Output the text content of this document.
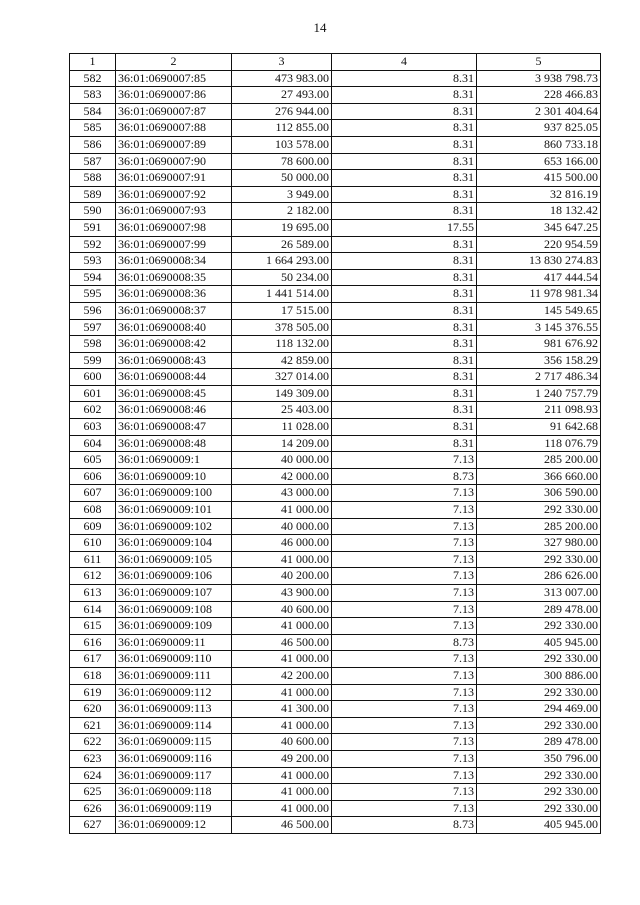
14
1	2	3	4	5
582	36:01:0690007:85	473 983.00	8.31	3 938 798.73
583	36:01:0690007:86	27 493.00	8.31	228 466.83
584	36:01:0690007:87	276 944.00	8.31	2 301 404.64
585	36:01:0690007:88	112 855.00	8.31	937 825.05
586	36:01:0690007:89	103 578.00	8.31	860 733.18
587	36:01:0690007:90	78 600.00	8.31	653 166.00
588	36:01:0690007:91	50 000.00	8.31	415 500.00
589	36:01:0690007:92	3 949.00	8.31	32 816.19
590	36:01:0690007:93	2 182.00	8.31	18 132.42
591	36:01:0690007:98	19 695.00	17.55	345 647.25
592	36:01:0690007:99	26 589.00	8.31	220 954.59
593	36:01:0690008:34	1 664 293.00	8.31	13 830 274.83
594	36:01:0690008:35	50 234.00	8.31	417 444.54
595	36:01:0690008:36	1 441 514.00	8.31	11 978 981.34
596	36:01:0690008:37	17 515.00	8.31	145 549.65
597	36:01:0690008:40	378 505.00	8.31	3 145 376.55
598	36:01:0690008:42	118 132.00	8.31	981 676.92
599	36:01:0690008:43	42 859.00	8.31	356 158.29
600	36:01:0690008:44	327 014.00	8.31	2 717 486.34
601	36:01:0690008:45	149 309.00	8.31	1 240 757.79
602	36:01:0690008:46	25 403.00	8.31	211 098.93
603	36:01:0690008:47	11 028.00	8.31	91 642.68
604	36:01:0690008:48	14 209.00	8.31	118 076.79
605	36:01:0690009:1	40 000.00	7.13	285 200.00
606	36:01:0690009:10	42 000.00	8.73	366 660.00
607	36:01:0690009:100	43 000.00	7.13	306 590.00
608	36:01:0690009:101	41 000.00	7.13	292 330.00
609	36:01:0690009:102	40 000.00	7.13	285 200.00
610	36:01:0690009:104	46 000.00	7.13	327 980.00
611	36:01:0690009:105	41 000.00	7.13	292 330.00
612	36:01:0690009:106	40 200.00	7.13	286 626.00
613	36:01:0690009:107	43 900.00	7.13	313 007.00
614	36:01:0690009:108	40 600.00	7.13	289 478.00
615	36:01:0690009:109	41 000.00	7.13	292 330.00
616	36:01:0690009:11	46 500.00	8.73	405 945.00
617	36:01:0690009:110	41 000.00	7.13	292 330.00
618	36:01:0690009:111	42 200.00	7.13	300 886.00
619	36:01:0690009:112	41 000.00	7.13	292 330.00
620	36:01:0690009:113	41 300.00	7.13	294 469.00
621	36:01:0690009:114	41 000.00	7.13	292 330.00
622	36:01:0690009:115	40 600.00	7.13	289 478.00
623	36:01:0690009:116	49 200.00	7.13	350 796.00
624	36:01:0690009:117	41 000.00	7.13	292 330.00
625	36:01:0690009:118	41 000.00	7.13	292 330.00
626	36:01:0690009:119	41 000.00	7.13	292 330.00
627	36:01:0690009:12	46 500.00	8.73	405 945.00
